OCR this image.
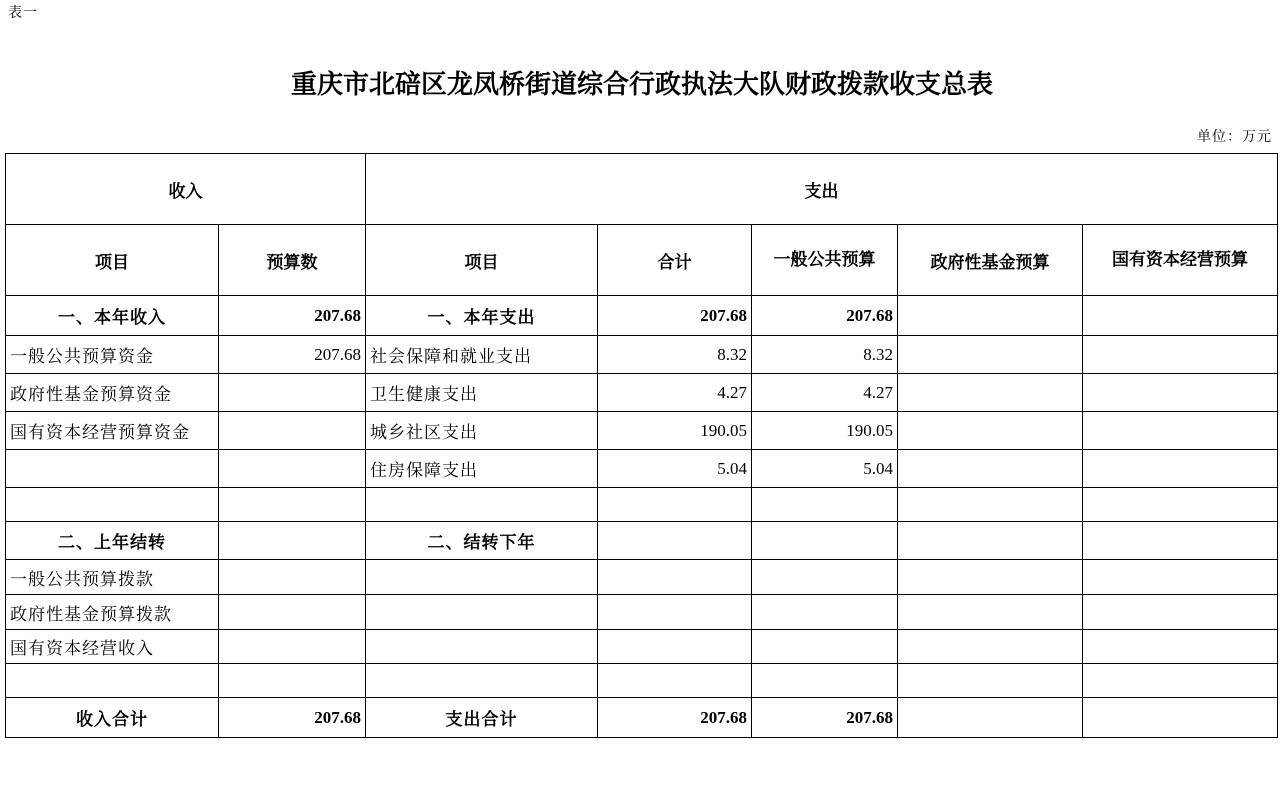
表一
重庆市北碚区龙凤桥街道综合行政执法大队财政拨款收支总表
单位：万元
收入		支出				
项目	预算数	项目	合计	一般公共预算	政府性基金预算	国有资本经营预算
一、本年收入	207.68	一、本年支出	207.68	207.68		
一般公共预算资金	207.68	社会保障和就业支出	8.32	8.32		
政府性基金预算资金		卫生健康支出	4.27	4.27		
国有资本经营预算资金		城乡社区支出	190.05	190.05		
		住房保障支出	5.04	5.04		

二、上年结转		二、结转下年				
一般公共预算拨款						
政府性基金预算拨款						
国有资本经营收入						

收入合计	207.68	支出合计	207.68	207.68		
